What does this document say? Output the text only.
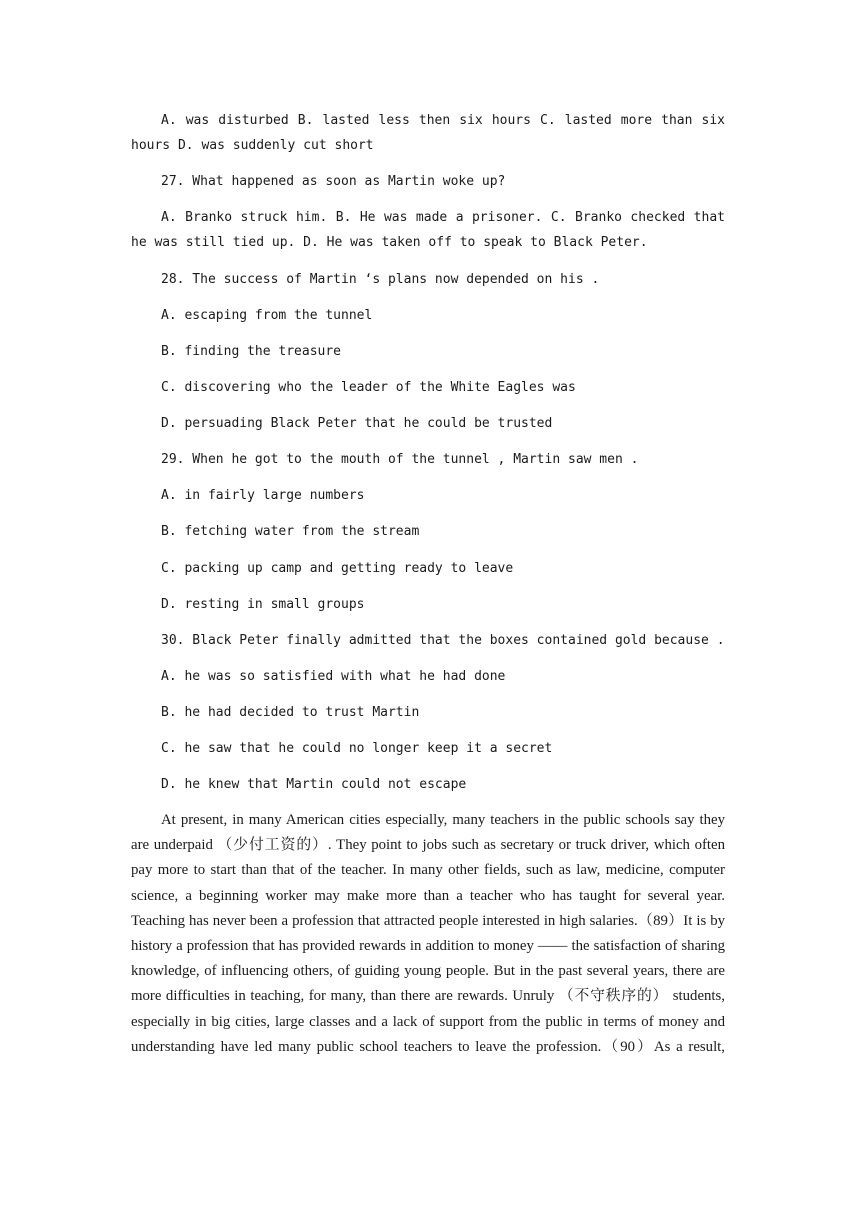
A. was disturbed B. lasted less then six hours C. lasted more than six hours D. was suddenly cut short
27. What happened as soon as Martin woke up?
A. Branko struck him. B. He was made a prisoner. C. Branko checked that he was still tied up. D. He was taken off to speak to Black Peter.
28. The success of Martin ‘s plans now depended on his .
A. escaping from the tunnel
B. finding the treasure
C. discovering who the leader of the White Eagles was
D. persuading Black Peter that he could be trusted
29. When he got to the mouth of the tunnel , Martin saw men .
A. in fairly large numbers
B. fetching water from the stream
C. packing up camp and getting ready to leave
D. resting in small groups
30. Black Peter finally admitted that the boxes contained gold because .
A. he was so satisfied with what he had done
B. he had decided to trust Martin
C. he saw that he could no longer keep it a secret
D. he knew that Martin could not escape
At present, in many American cities especially, many teachers in the public schools say they are underpaid （少付工资的）. They point to jobs such as secretary or truck driver, which often pay more to start than that of the teacher. In many other fields, such as law, medicine, computer science, a beginning worker may make more than a teacher who has taught for several year. Teaching has never been a profession that attracted people interested in high salaries.（89）It is by history a profession that has provided rewards in addition to money —— the satisfaction of sharing knowledge, of influencing others, of guiding young people. But in the past several years, there are more difficulties in teaching, for many, than there are rewards. Unruly （不守秩序的） students, especially in big cities, large classes and a lack of support from the public in terms of money and understanding have led many public school teachers to leave the profession.（90）As a result,
